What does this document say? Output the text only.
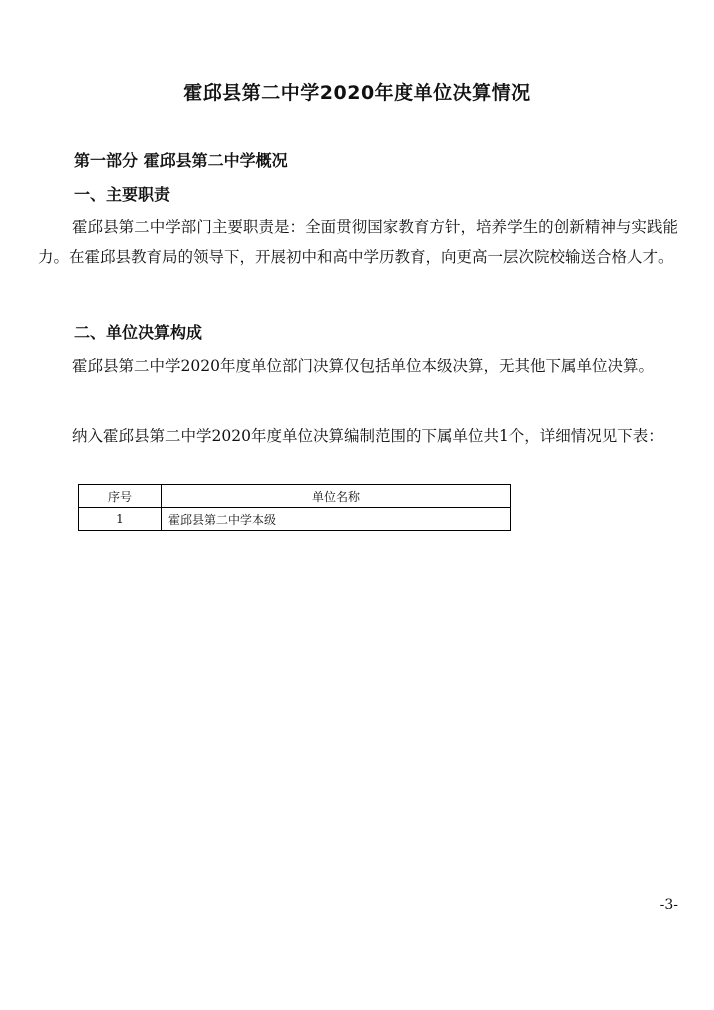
霍邱县第二中学2020年度单位决算情况
第一部分 霍邱县第二中学概况
一、主要职责
霍邱县第二中学部门主要职责是：全面贯彻国家教育方针，培养学生的创新精神与实践能力。在霍邱县教育局的领导下，开展初中和高中学历教育，向更高一层次院校输送合格人才。
二、单位决算构成
霍邱县第二中学2020年度单位部门决算仅包括单位本级决算，无其他下属单位决算。
纳入霍邱县第二中学2020年度单位决算编制范围的下属单位共1个，详细情况见下表：
序号	单位名称
1	霍邱县第二中学本级
-3-
